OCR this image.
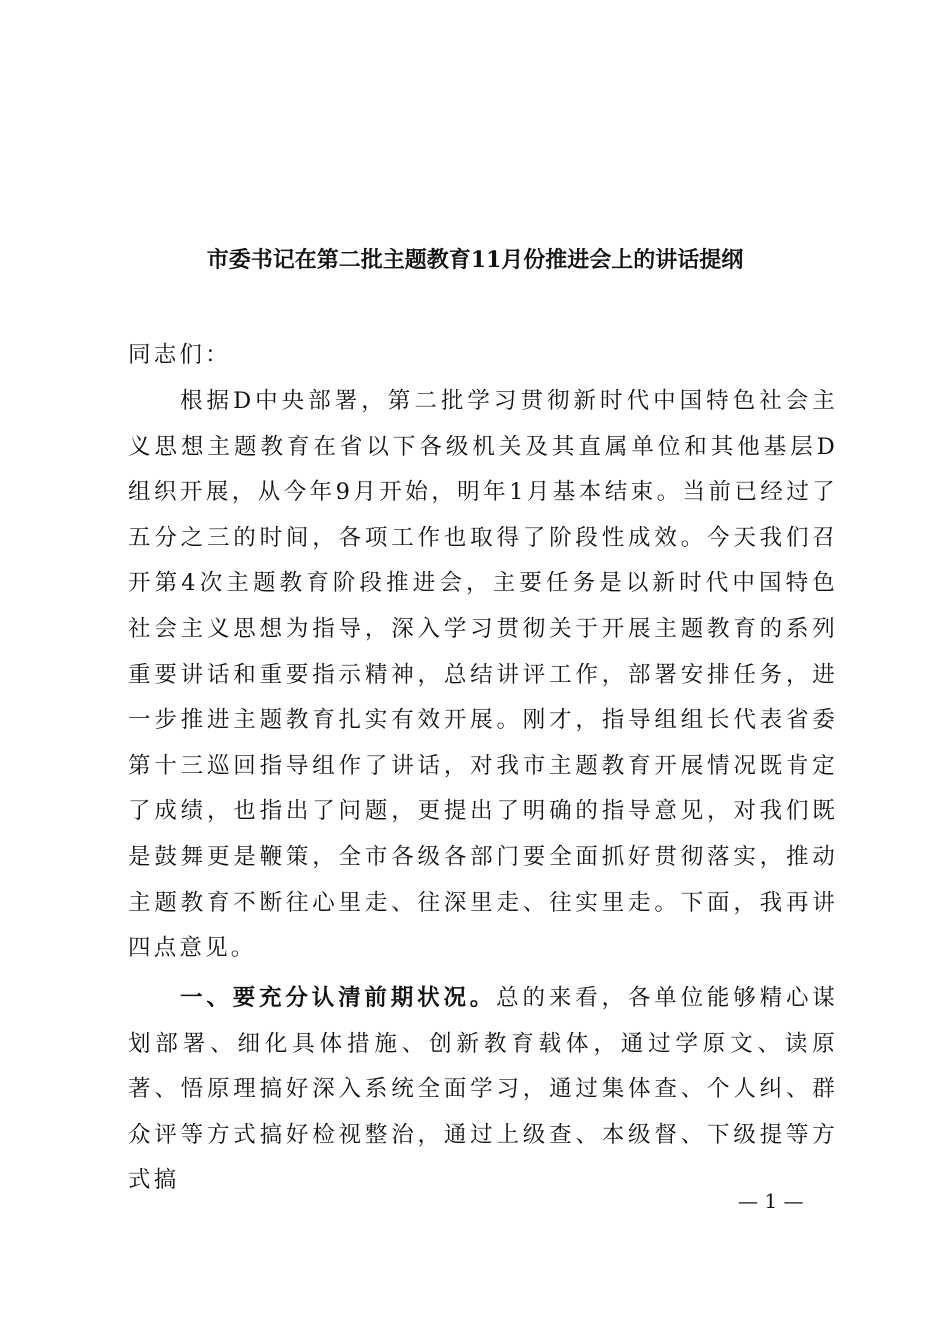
市委书记在第二批主题教育11月份推进会上的讲话提纲
同志们：
根据D中央部署，第二批学习贯彻新时代中国特色社会主义思想主题教育在省以下各级机关及其直属单位和其他基层D组织开展，从今年9月开始，明年1月基本结束。当前已经过了五分之三的时间，各项工作也取得了阶段性成效。今天我们召开第4次主题教育阶段推进会，主要任务是以新时代中国特色社会主义思想为指导，深入学习贯彻关于开展主题教育的系列重要讲话和重要指示精神，总结讲评工作，部署安排任务，进一步推进主题教育扎实有效开展。刚才，指导组组长代表省委第十三巡回指导组作了讲话，对我市主题教育开展情况既肯定了成绩，也指出了问题，更提出了明确的指导意见，对我们既是鼓舞更是鞭策，全市各级各部门要全面抓好贯彻落实，推动主题教育不断往心里走、往深里走、往实里走。下面，我再讲四点意见。
一、要充分认清前期状况。总的来看，各单位能够精心谋划部署、细化具体措施、创新教育载体，通过学原文、读原著、悟原理搞好深入系统全面学习，通过集体查、个人纠、群众评等方式搞好检视整治，通过上级查、本级督、下级提等方式搞
— 1 —
